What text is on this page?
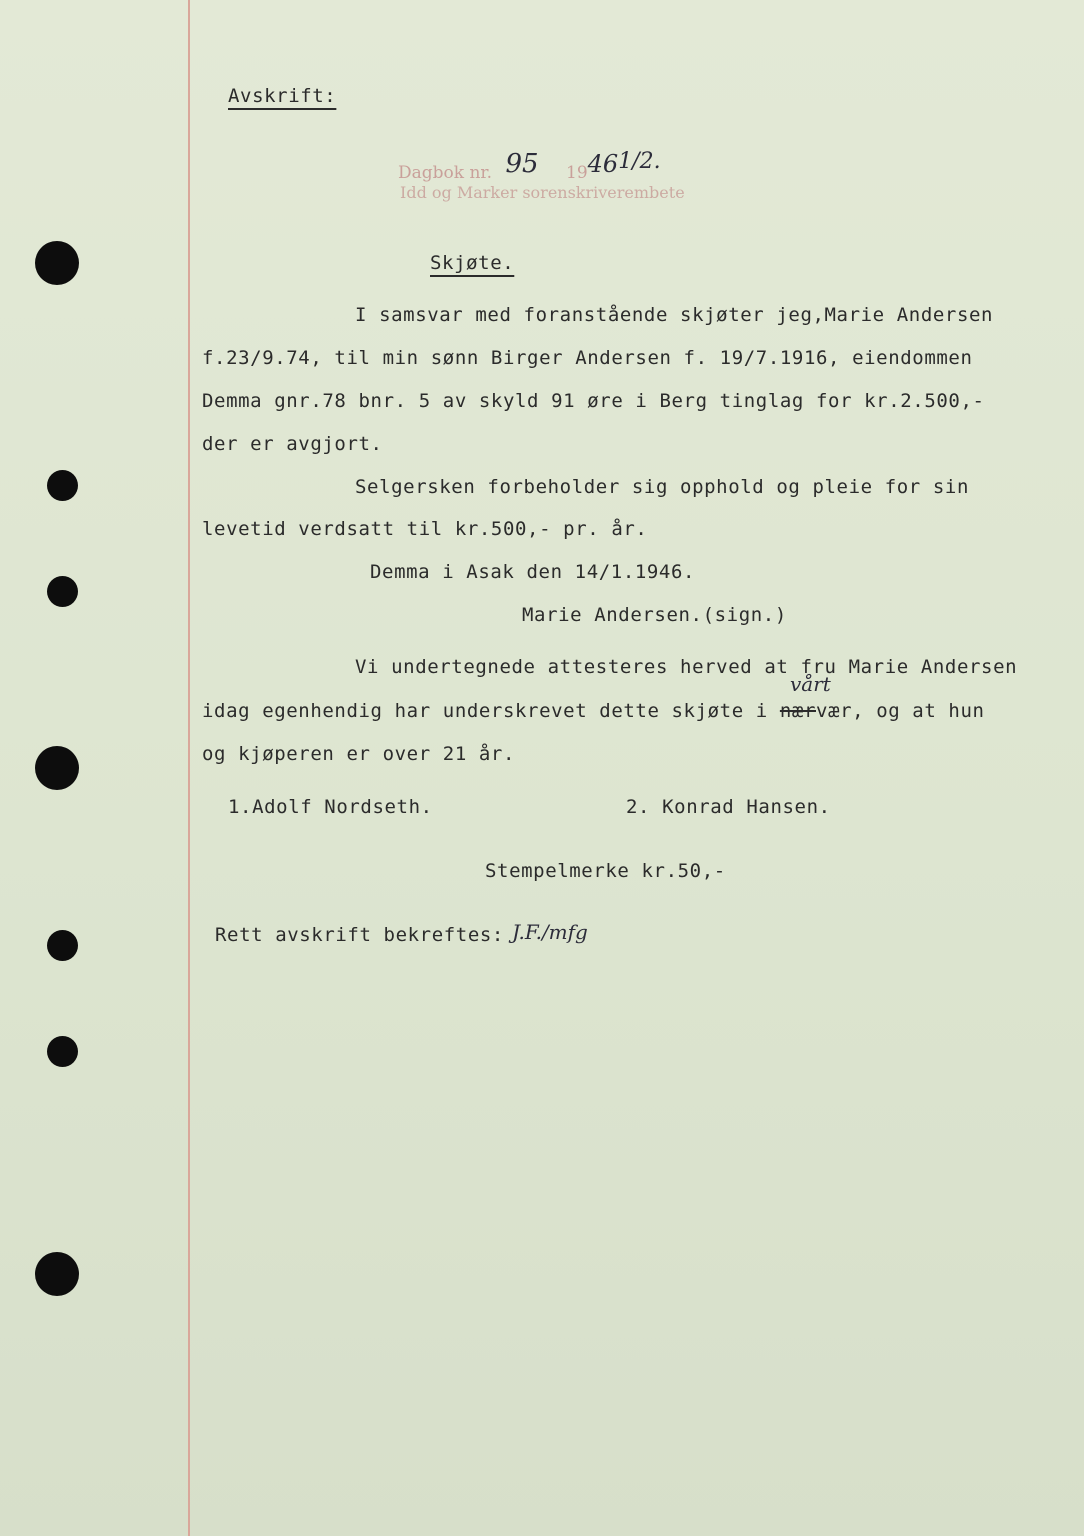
Avskrift:
Dagbok nr. 95 19461/2.
Idd og Marker sorenskriverembete
Skjøte.
I samsvar med foranstående skjøter jeg,Marie Andersen
f.23/9.74, til min sønn Birger Andersen f. 19/7.1916, eiendommen
Demma gnr.78 bnr. 5 av skyld 91 øre i Berg tinglag for kr.2.500,-
der er avgjort.
Selgersken forbeholder sig opphold og pleie for sin
levetid verdsatt til kr.500,- pr. år.
Demma i Asak den 14/1.1946.
Marie Andersen.(sign.)
Vi undertegnede attesteres herved at fru Marie Andersen
vårt
idag egenhendig har underskrevet dette skjøte i nærvær, og at hun
og kjøperen er over 21 år.
1.Adolf Nordseth.	2. Konrad Hansen.
Stempelmerke kr.50,-
Rett avskrift bekreftes: J.F./mfg
